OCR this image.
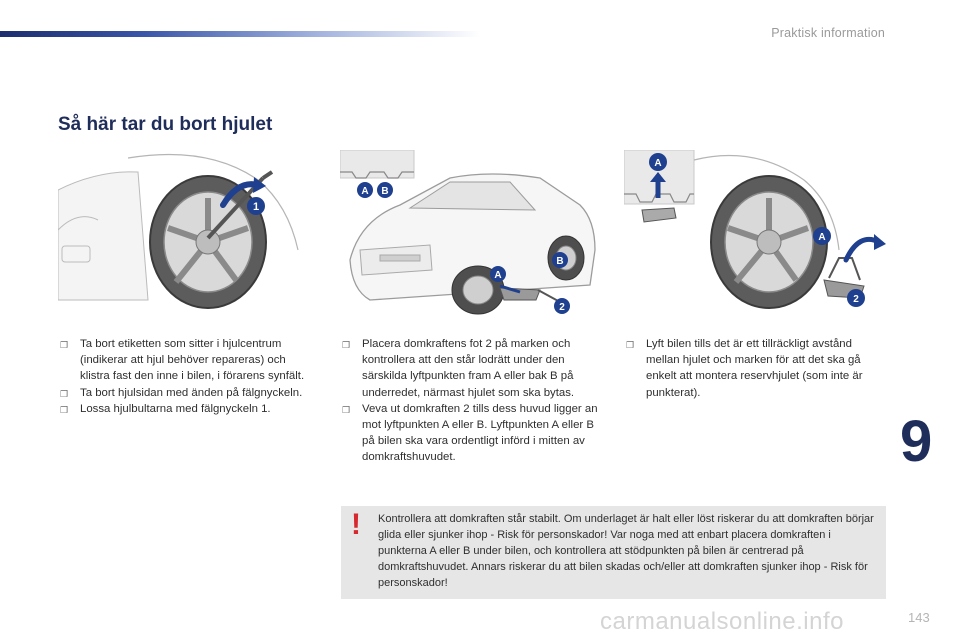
Praktisk information
Så här tar du bort hjulet
1
A B
A
B
2
A
A
2

❒ Ta bort etiketten som sitter i hjulcentrum (indikerar att hjul behöver repareras) och klistra fast den inne i bilen, i förarens synfält.

❒ Ta bort hjulsidan med änden på fälgnyckeln.

❒ Lossa hjulbultarna med fälgnyckeln 1.

❒ Placera domkraftens fot 2 på marken och kontrollera att den står lodrätt under den särskilda lyftpunkten fram A eller bak B på underredet, närmast hjulet som ska bytas.

❒ Veva ut domkraften 2 tills dess huvud ligger an mot lyftpunkten A eller B. Lyftpunkten A eller B på bilen ska vara ordentligt införd i mitten av domkraftshuvudet.

❒ Lyft bilen tills det är ett tillräckligt avstånd mellan hjulet och marken för att det ska gå enkelt att montera reservhjulet (som inte är punkterat).

9
! Kontrollera att domkraften står stabilt. Om underlaget är halt eller löst riskerar du att domkraften börjar glida eller sjunker ihop - Risk för personskador! Var noga med att enbart placera domkraften i punkterna A eller B under bilen, och kontrollera att stödpunkten på bilen är centrerad på domkraftshuvudet. Annars riskerar du att bilen skadas och/eller att domkraften sjunker ihop - Risk för personskador!
carmanualsonline.info	143
